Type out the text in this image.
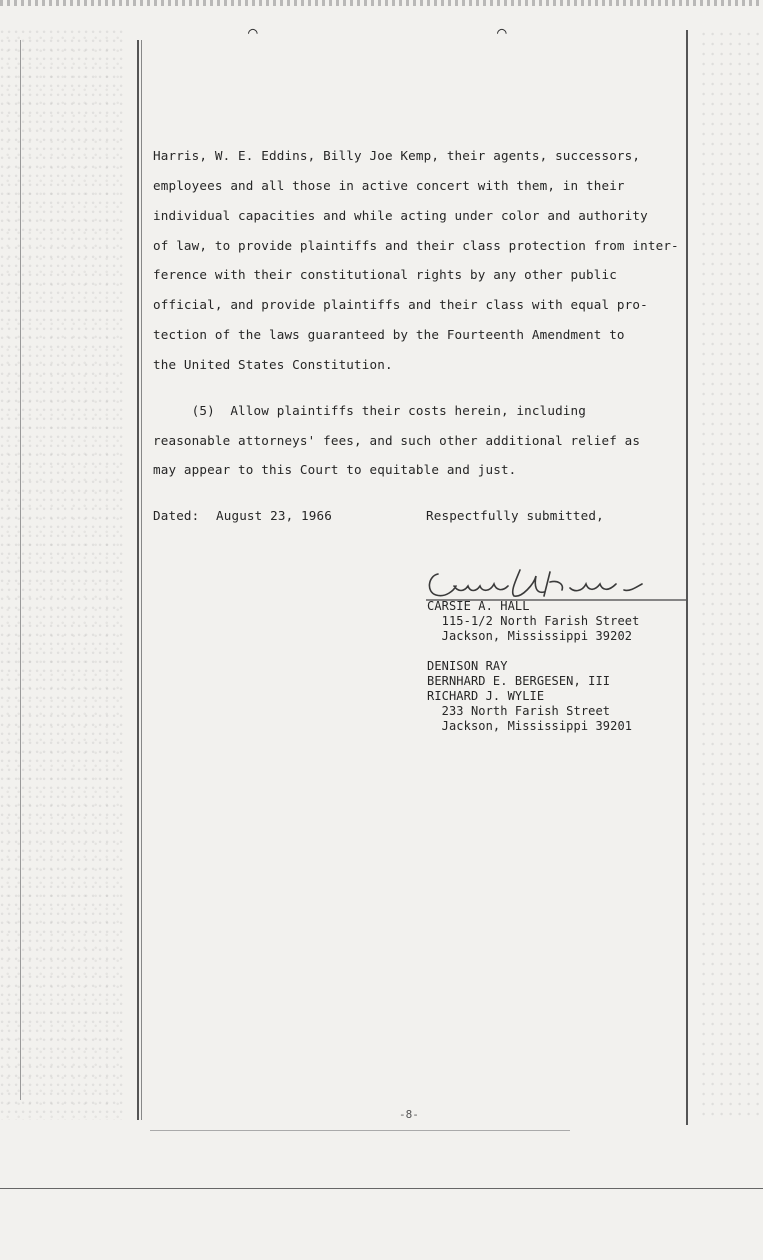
⌒	⌒
Harris, W. E. Eddins, Billy Joe Kemp, their agents, successors,
employees and all those in active concert with them, in their
individual capacities and while acting under color and authority
of law, to provide plaintiffs and their class protection from inter-
ference with their constitutional rights by any other public
official, and provide plaintiffs and their class with equal pro-
tection of the laws guaranteed by the Fourteenth Amendment to
the United States Constitution.
(5)  Allow plaintiffs their costs herein, including
reasonable attorneys' fees, and such other additional relief as
may appear to this Court to equitable and just.
Dated: August 23, 1966	Respectfully submitted,
CARSIE A. HALL
115-1/2 North Farish Street
Jackson, Mississippi 39202
DENISON RAY
BERNHARD E. BERGESEN, III
RICHARD J. WYLIE
233 North Farish Street
Jackson, Mississippi 39201
-8-
